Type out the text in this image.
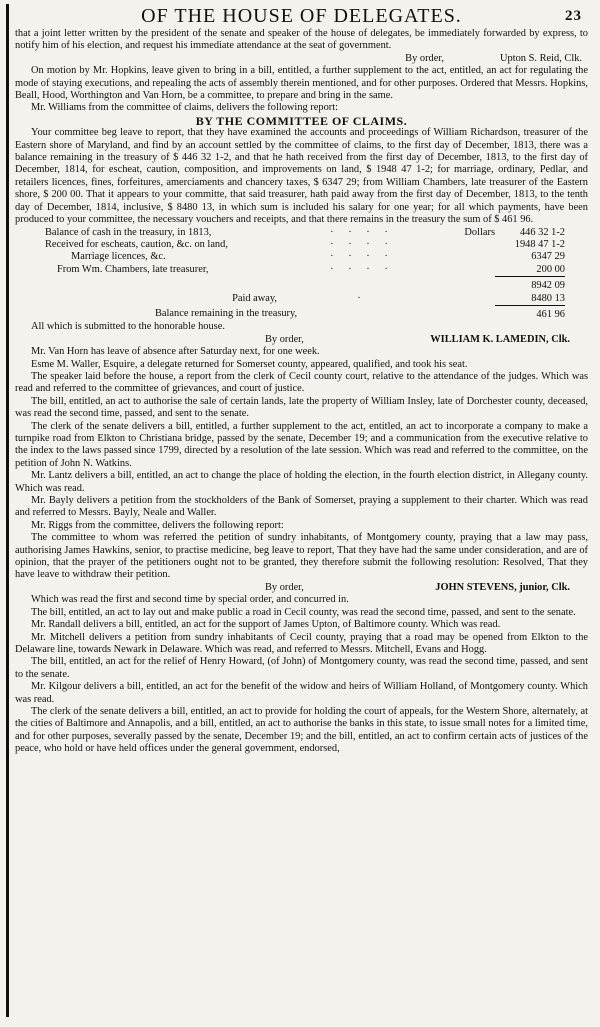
OF THE HOUSE OF DELEGATES.	23

that a joint letter written by the president of the senate and speaker of the house of delegates, be immediately forwarded by express, to notify him of his election, and request his immediate attendance at the seat of government.

By order,	Upton S. Reid, Clk.

On motion by Mr. Hopkins, leave given to bring in a bill, entitled, a further supplement to the act, entitled, an act for regulating the mode of staying executions, and repealing the acts of assembly therein mentioned, and for other purposes. Ordered that Messrs. Hopkins, Beall, Hood, Worthington and Van Horn, be a committee, to prepare and bring in the same.

Mr. Williams from the committee of claims, delivers the following report:

BY THE COMMITTEE OF CLAIMS.

Your committee beg leave to report, that they have examined the accounts and proceedings of William Richardson, treasurer of the Eastern shore of Maryland, and find by an account settled by the committee of claims, to the first day of December, 1813, there was a balance remaining in the treasury of $ 446 32 1-2, and that he hath received from the first day of December, 1813, to the first day of December, 1814, for escheat, caution, composition, and improvements on land, $ 1948 47 1-2; for marriage, ordinary, Pedlar, and retailers licences, fines, forfeitures, amerciaments and chancery taxes, $ 6347 29; from William Chambers, late treasurer of the Eastern shore, $ 200 00. That it appears to your committe, that said treasurer, hath paid away from the first day of December, 1813, to the tenth day of December, 1814, inclusive, $ 8480 13, in which sum is included his salary for one year; for all which payments, have been produced to your committee, the necessary vouchers and receipts, and that there remains in the treasury the sum of $ 461 96.

Balance of cash in the treasury, in 1813,	· · · ·	Dollars	446 32 1-2
Received for escheats, caution, &c. on land,	· · · ·		1948 47 1-2
Marriage licences, &c.	· · · ·		6347 29
From Wm. Chambers, late treasurer,	· · · ·		200 00
			8942 09
Paid away,	·		8480 13
Balance remaining in the treasury,			461 96

All which is submitted to the honorable house.

By order,	WILLIAM K. LAMEDIN, Clk.

Mr. Van Horn has leave of absence after Saturday next, for one week.

Esme M. Waller, Esquire, a delegate returned for Somerset county, appeared, qualified, and took his seat.

The speaker laid before the house, a report from the clerk of Cecil county court, relative to the attendance of the judges. Which was read and referred to the committee of grievances, and court of justice.

The bill, entitled, an act to authorise the sale of certain lands, late the property of William Insley, late of Dorchester county, deceased, was read the second time, passed, and sent to the senate.

The clerk of the senate delivers a bill, entitled, a further supplement to the act, entitled, an act to incorporate a company to make a turnpike road from Elkton to Christiana bridge, passed by the senate, December 19; and a communication from the executive relative to the index to the laws passed since 1799, directed by a resolution of the late session. Which was read and referred to the committee, on the petition of John N. Watkins.

Mr. Lantz delivers a bill, entitled, an act to change the place of holding the election, in the fourth election district, in Allegany county. Which was read.

Mr. Bayly delivers a petition from the stockholders of the Bank of Somerset, praying a supplement to their charter. Which was read and referred to Messrs. Bayly, Neale and Waller.

Mr. Riggs from the committee, delivers the following report:

The committee to whom was referred the petition of sundry inhabitants, of Montgomery county, praying that a law may pass, authorising James Hawkins, senior, to practise medicine, beg leave to report, That they have had the same under consideration, and are of opinion, that the prayer of the petitioners ought not to be granted, they therefore submit the following resolution: Resolved, That they have leave to withdraw their petition.

By order,	JOHN STEVENS, junior, Clk.

Which was read the first and second time by special order, and concurred in.

The bill, entitled, an act to lay out and make public a road in Cecil county, was read the second time, passed, and sent to the senate.

Mr. Randall delivers a bill, entitled, an act for the support of James Upton, of Baltimore county. Which was read.

Mr. Mitchell delivers a petition from sundry inhabitants of Cecil county, praying that a road may be opened from Elkton to the Delaware line, towards Newark in Delaware. Which was read, and referred to Messrs. Mitchell, Evans and Hogg.

The bill, entitled, an act for the relief of Henry Howard, (of John) of Montgomery county, was read the second time, passed, and sent to the senate.

Mr. Kilgour delivers a bill, entitled, an act for the benefit of the widow and heirs of William Holland, of Montgomery county. Which was read.

The clerk of the senate delivers a bill, entitled, an act to provide for holding the court of appeals, for the Western Shore, alternately, at the cities of Baltimore and Annapolis, and a bill, entitled, an act to authorise the banks in this state, to issue small notes for a limited time, and for other purposes, severally passed by the senate, December 19; and the bill, entitled, an act to confirm certain acts of justices of the peace, who hold or have held offices under the general government, endorsed,
